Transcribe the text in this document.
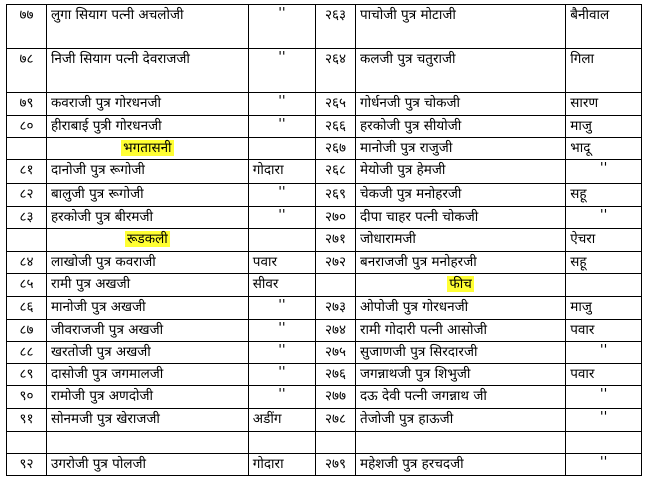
७७	लुगा सियाग पत्नी अचलोजी	''	२६३	पाचोजी पुत्र मोटाजी	बैनीवाल
७८	निजी सियाग पत्नी देवराजजी	''	२६४	कलजी पुत्र चतुराजी	गिला
७९	कवराजी पुत्र गोरधनजी	''	२६५	गोर्धनजी पुत्र चोकजी	सारण
८०	हीराबाई पुत्री गोरधनजी	''	२६६	हरकोजी पुत्र सीयोजी	माजु
	भगतासनी		२६७	मानोजी पुत्र राजुजी	भादू
८१	दानोजी पुत्र रूगोजी	गोदारा	२६८	मेयोजी पुत्र हेमजी	''
८२	बालुजी पुत्र रूगोजी	''	२६९	चेकजी पुत्र मनोहरजी	सहू
८३	हरकोजी पुत्र बीरमजी	''	२७०	दीपा चाहर पत्नी चोकजी	''
	रूडकली		२७१	जोधारामजी	ऐचरा
८४	लाखोजी पुत्र कवराजी	पवार	२७२	बनराजजी पुत्र मनोहरजी	सहू
८५	रामी पुत्र अखजी	सीवर		फीच	
८६	मानोजी पुत्र अखजी	''	२७३	ओपोजी पुत्र गोरधनजी	माजु
८७	जीवराजजी पुत्र अखजी	''	२७४	रामी गोदारी पत्नी आसोजी	पवार
८८	खरतोजी पुत्र अखजी	''	२७५	सुजाणजी पुत्र सिरदारजी	''
८९	दासोजी पुत्र जगमालजी	''	२७६	जगन्नाथजी पुत्र शिभुजी	पवार
९०	रामोजी पुत्र अणदोजी	''	२७७	दऊ देवी पत्नी जगन्नाथ जी	''
९१	सोनमजी पुत्र खेराजजी	अडींग	२७८	तेजोजी पुत्र हाऊजी	''

९२	उगरोजी पुत्र पोलजी	गोदारा	२७९	महेशजी पुत्र हरचदजी	''
